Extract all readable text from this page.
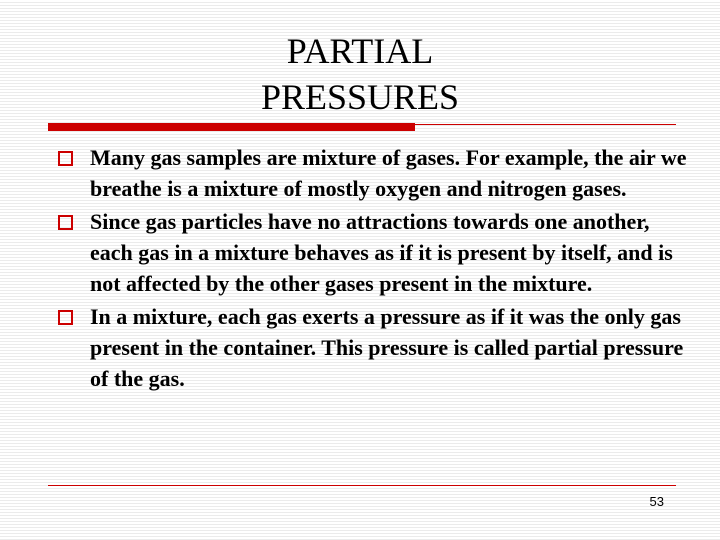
PARTIAL
PRESSURES
Many gas samples are mixture of gases. For example, the air we breathe is a mixture of mostly oxygen and nitrogen gases.
Since gas particles have no attractions towards one another, each gas in a mixture behaves as if it is present by itself, and is not affected by the other gases present in the mixture.
In a mixture, each gas exerts a pressure as if it was the only gas present in the container. This pressure is called partial pressure of the gas.
53
